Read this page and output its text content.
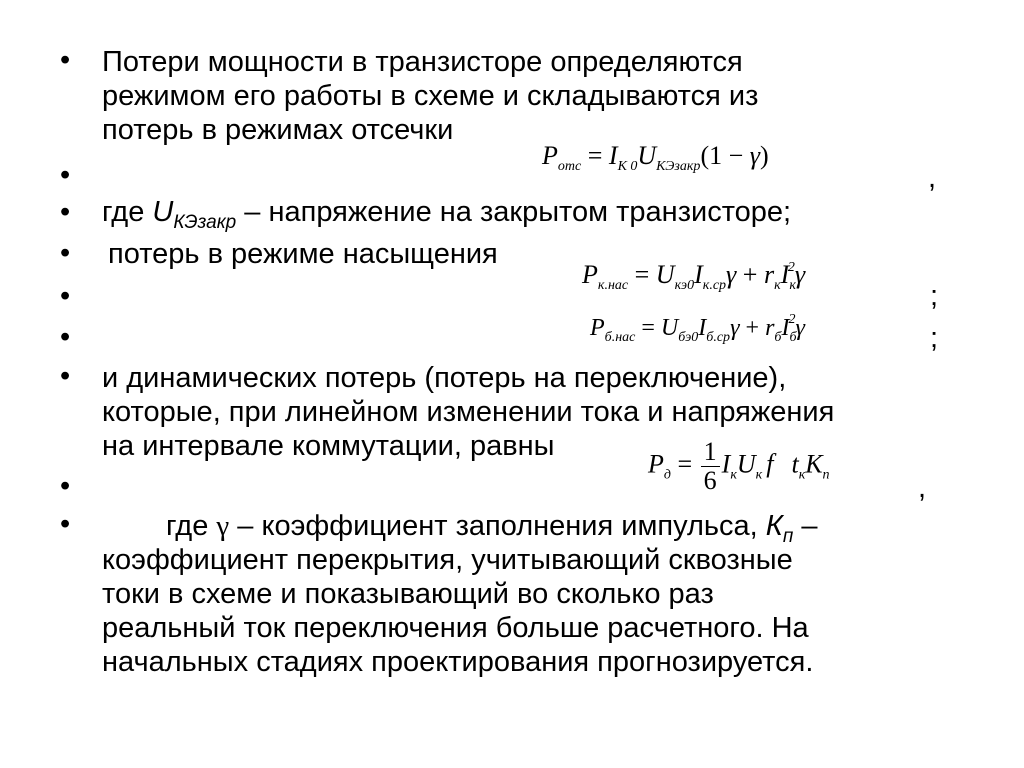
•
•
•
•
•
•
•
•
•
Потери мощности в транзисторе определяются
режимом его работы в схеме и складываются из
потерь в режимах отсечки
$P_{отс} = I_{К 0}U_{КЭзакр}(1 - \gamma)$
,
где $U_{КЭзакр}$ – напряжение на закрытом транзисторе;
потерь в режиме насыщения
$P_{к.нас} = U_{кэ0}I_{к.ср}\gamma + r_кI_к^2\gamma$
;
$P_{б.нас} = U_{бэ0}I_{б.ср}\gamma + r_бI_б^2\gamma$	;
и динамических потерь (потерь на переключение),
которые, при линейном изменении тока и напряжения
на интервале коммутации, равны
$P_д = \frac{1}{6} I_кU_к$ f $t_кК_п$	,
где γ – коэффициент заполнения импульса, $К_п$ –
коэффициент перекрытия, учитывающий сквозные
токи в схеме и показывающий во сколько раз
реальный ток переключения больше расчетного. На
начальных стадиях проектирования прогнозируется.
